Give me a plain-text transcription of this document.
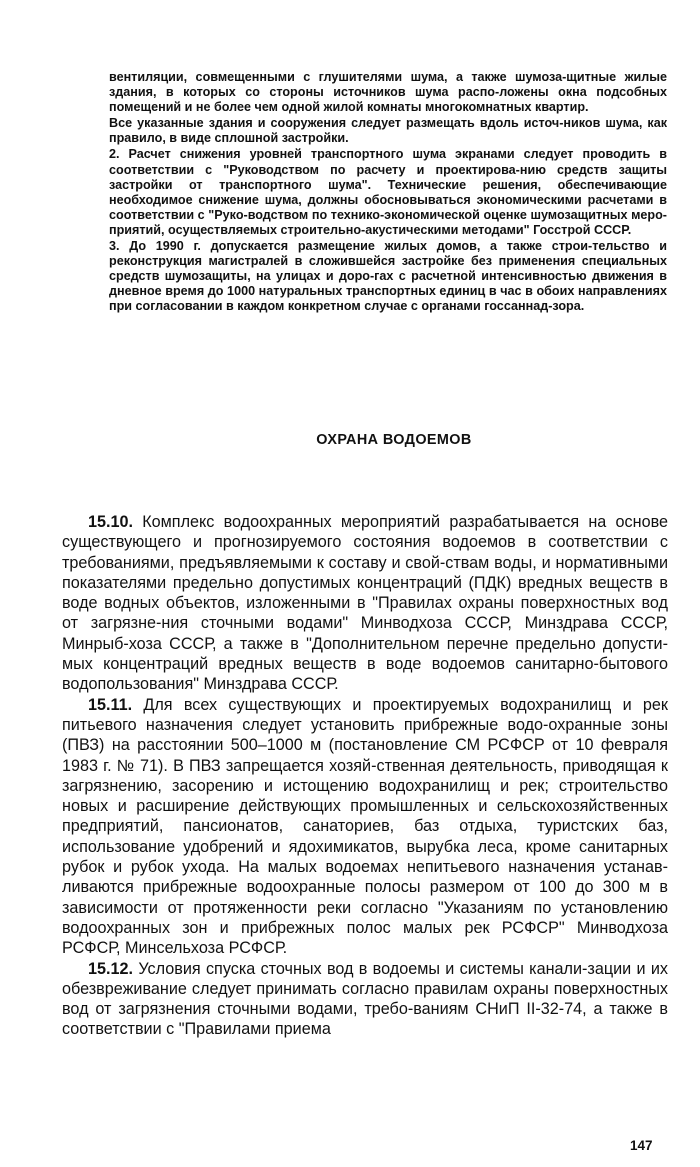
вентиляции, совмещенными с глушителями шума, а также шумоза-щитные жилые здания, в которых со стороны источников шума распо-ложены окна подсобных помещений и не более чем одной жилой комнаты многокомнатных квартир.

Все указанные здания и сооружения следует размещать вдоль источ-ников шума, как правило, в виде сплошной застройки.

2. Расчет снижения уровней транспортного шума экранами следует проводить в соответствии с "Руководством по расчету и проектирова-нию средств защиты застройки от транспортного шума". Технические решения, обеспечивающие необходимое снижение шума, должны обосновываться экономическими расчетами в соответствии с "Руко-водством по технико-экономической оценке шумозащитных меро-приятий, осуществляемых строительно-акустическими методами" Госстрой СССР.

3. До 1990 г. допускается размещение жилых домов, а также строи-тельство и реконструкция магистралей в сложившейся застройке без применения специальных средств шумозащиты, на улицах и доро-гах с расчетной интенсивностью движения в дневное время до 1000 натуральных транспортных единиц в час в обоих направлениях при согласовании в каждом конкретном случае с органами госсаннад-зора.

ОХРАНА ВОДОЕМОВ

15.10. Комплекс водоохранных мероприятий разрабатывается на основе существующего и прогнозируемого состояния водоемов в соответствии с требованиями, предъявляемыми к составу и свой-ствам воды, и нормативными показателями предельно допустимых концентраций (ПДК) вредных веществ в воде водных объектов, изложенными в "Правилах охраны поверхностных вод от загрязне-ния сточными водами" Минводхоза СССР, Минздрава СССР, Минрыб-хоза СССР, а также в "Дополнительном перечне предельно допусти-мых концентраций вредных веществ в воде водоемов санитарно-бытового водопользования" Минздрава СССР.

15.11. Для всех существующих и проектируемых водохранилищ и рек питьевого назначения следует установить прибрежные водо-охранные зоны (ПВЗ) на расстоянии 500–1000 м (постановление СМ РСФСР от 10 февраля 1983 г. № 71). В ПВЗ запрещается хозяй-ственная деятельность, приводящая к загрязнению, засорению и истощению водохранилищ и рек; строительство новых и расширение действующих промышленных и сельскохозяйственных предприятий, пансионатов, санаториев, баз отдыха, туристских баз, использование удобрений и ядохимикатов, вырубка леса, кроме санитарных рубок и рубок ухода. На малых водоемах непитьевого назначения устанав-ливаются прибрежные водоохранные полосы размером от 100 до 300 м в зависимости от протяженности реки согласно "Указаниям по установлению водоохранных зон и прибрежных полос малых рек РСФСР" Минводхоза РСФСР, Минсельхоза РСФСР.

15.12. Условия спуска сточных вод в водоемы и системы канали-зации и их обезвреживание следует принимать согласно правилам охраны поверхностных вод от загрязнения сточными водами, требо-ваниям СНиП II-32-74, а также в соответствии с "Правилами приема

147
